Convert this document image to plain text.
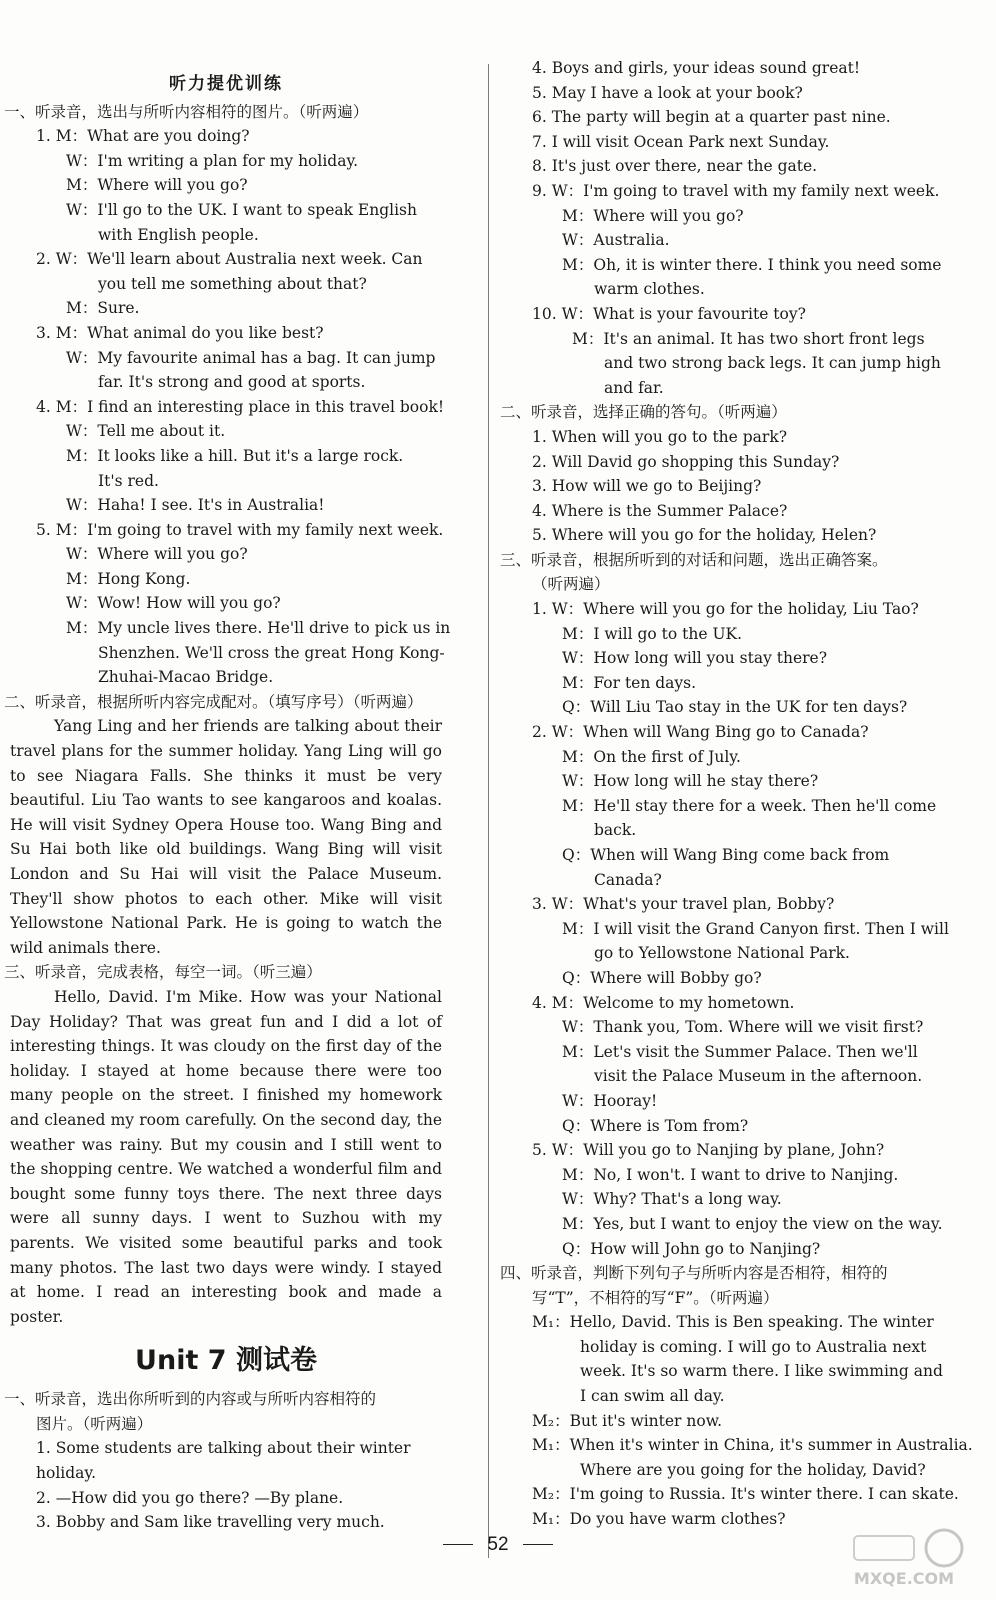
听力提优训练
一、听录音，选出与所听内容相符的图片。（听两遍）
1. M：What are you doing?
W：I'm writing a plan for my holiday.
M：Where will you go?
W：I'll go to the UK. I want to speak English
with English people.
2. W：We'll learn about Australia next week. Can
you tell me something about that?
M：Sure.
3. M：What animal do you like best?
W：My favourite animal has a bag. It can jump
far. It's strong and good at sports.
4. M：I find an interesting place in this travel book!
W：Tell me about it.
M：It looks like a hill. But it's a large rock.
It's red.
W：Haha! I see. It's in Australia!
5. M：I'm going to travel with my family next week.
W：Where will you go?
M：Hong Kong.
W：Wow! How will you go?
M：My uncle lives there. He'll drive to pick us in
Shenzhen. We'll cross the great Hong Kong-
Zhuhai-Macao Bridge.
二、听录音，根据所听内容完成配对。（填写序号）（听两遍）
Yang Ling and her friends are talking about their travel plans for the summer holiday. Yang Ling will go to see Niagara Falls. She thinks it must be very beautiful. Liu Tao wants to see kangaroos and koalas. He will visit Sydney Opera House too. Wang Bing and Su Hai both like old buildings. Wang Bing will visit London and Su Hai will visit the Palace Museum. They'll show photos to each other. Mike will visit Yellowstone National Park. He is going to watch the wild animals there.
三、听录音，完成表格，每空一词。（听三遍）
Hello, David. I'm Mike. How was your National Day Holiday? That was great fun and I did a lot of interesting things. It was cloudy on the first day of the holiday. I stayed at home because there were too many people on the street. I finished my homework and cleaned my room carefully. On the second day, the weather was rainy. But my cousin and I still went to the shopping centre. We watched a wonderful film and bought some funny toys there. The next three days were all sunny days. I went to Suzhou with my parents. We visited some beautiful parks and took many photos. The last two days were windy. I stayed at home. I read an interesting book and made a poster.
Unit 7 测试卷
一、听录音，选出你所听到的内容或与所听内容相符的
图片。（听两遍）
1. Some students are talking about their winter
holiday.
2. —How did you go there? —By plane.
3. Bobby and Sam like travelling very much.
4. Boys and girls, your ideas sound great!
5. May I have a look at your book?
6. The party will begin at a quarter past nine.
7. I will visit Ocean Park next Sunday.
8. It's just over there, near the gate.
9. W：I'm going to travel with my family next week.
M：Where will you go?
W：Australia.
M：Oh, it is winter there. I think you need some
warm clothes.
10. W：What is your favourite toy?
M：It's an animal. It has two short front legs
and two strong back legs. It can jump high
and far.
二、听录音，选择正确的答句。（听两遍）
1. When will you go to the park?
2. Will David go shopping this Sunday?
3. How will we go to Beijing?
4. Where is the Summer Palace?
5. Where will you go for the holiday, Helen?
三、听录音，根据所听到的对话和问题，选出正确答案。
（听两遍）
1. W：Where will you go for the holiday, Liu Tao?
M：I will go to the UK.
W：How long will you stay there?
M：For ten days.
Q：Will Liu Tao stay in the UK for ten days?
2. W：When will Wang Bing go to Canada?
M：On the first of July.
W：How long will he stay there?
M：He'll stay there for a week. Then he'll come
back.
Q：When will Wang Bing come back from
Canada?
3. W：What's your travel plan, Bobby?
M：I will visit the Grand Canyon first. Then I will
go to Yellowstone National Park.
Q：Where will Bobby go?
4. M：Welcome to my hometown.
W：Thank you, Tom. Where will we visit first?
M：Let's visit the Summer Palace. Then we'll
visit the Palace Museum in the afternoon.
W：Hooray!
Q：Where is Tom from?
5. W：Will you go to Nanjing by plane, John?
M：No, I won't. I want to drive to Nanjing.
W：Why? That's a long way.
M：Yes, but I want to enjoy the view on the way.
Q：How will John go to Nanjing?
四、听录音，判断下列句子与所听内容是否相符，相符的
写“T”，不相符的写“F”。（听两遍）
M₁：Hello, David. This is Ben speaking. The winter
holiday is coming. I will go to Australia next
week. It's so warm there. I like swimming and
I can swim all day.
M₂：But it's winter now.
M₁：When it's winter in China, it's summer in Australia.
Where are you going for the holiday, David?
M₂：I'm going to Russia. It's winter there. I can skate.
M₁：Do you have warm clothes?
52
MXQE.COM
